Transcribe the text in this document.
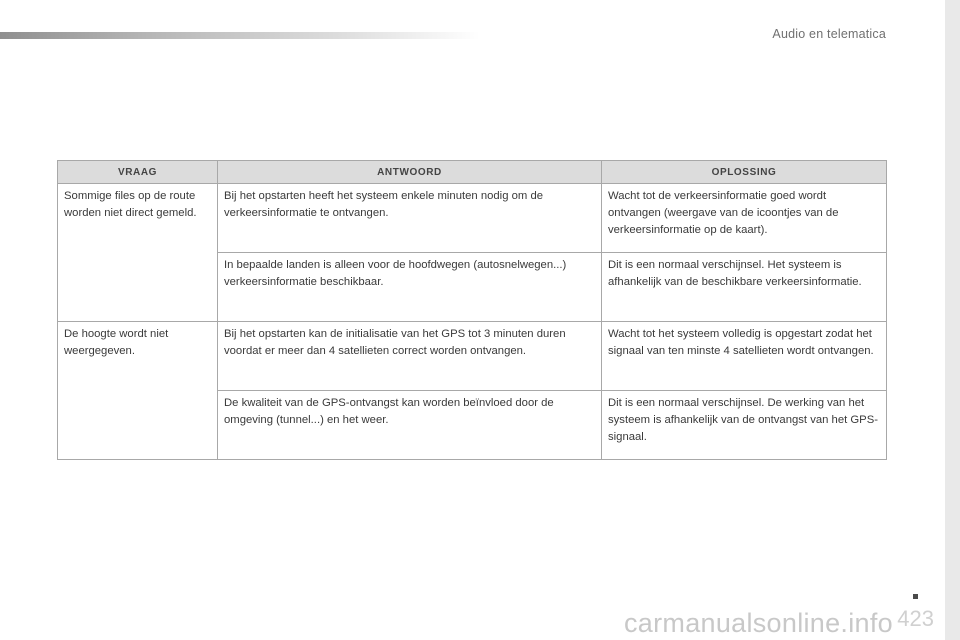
Audio en telematica
VRAAG	ANTWOORD	OPLOSSING
Sommige files op de route worden niet direct gemeld.	Bij het opstarten heeft het systeem enkele minuten nodig om de verkeersinformatie te ontvangen.	Wacht tot de verkeersinformatie goed wordt ontvangen (weergave van de icoontjes van de verkeersinformatie op de kaart).
	In bepaalde landen is alleen voor de hoofdwegen (autosnelwegen...) verkeersinformatie beschikbaar.	Dit is een normaal verschijnsel. Het systeem is afhankelijk van de beschikbare verkeersinformatie.
De hoogte wordt niet weergegeven.	Bij het opstarten kan de initialisatie van het GPS tot 3 minuten duren voordat er meer dan 4 satellieten correct worden ontvangen.	Wacht tot het systeem volledig is opgestart zodat het signaal van ten minste 4 satellieten wordt ontvangen.
	De kwaliteit van de GPS-ontvangst kan worden beïnvloed door de omgeving (tunnel...) en het weer.	Dit is een normaal verschijnsel. De werking van het systeem is afhankelijk van de ontvangst van het GPS-signaal.
423
carmanualsonline.info
